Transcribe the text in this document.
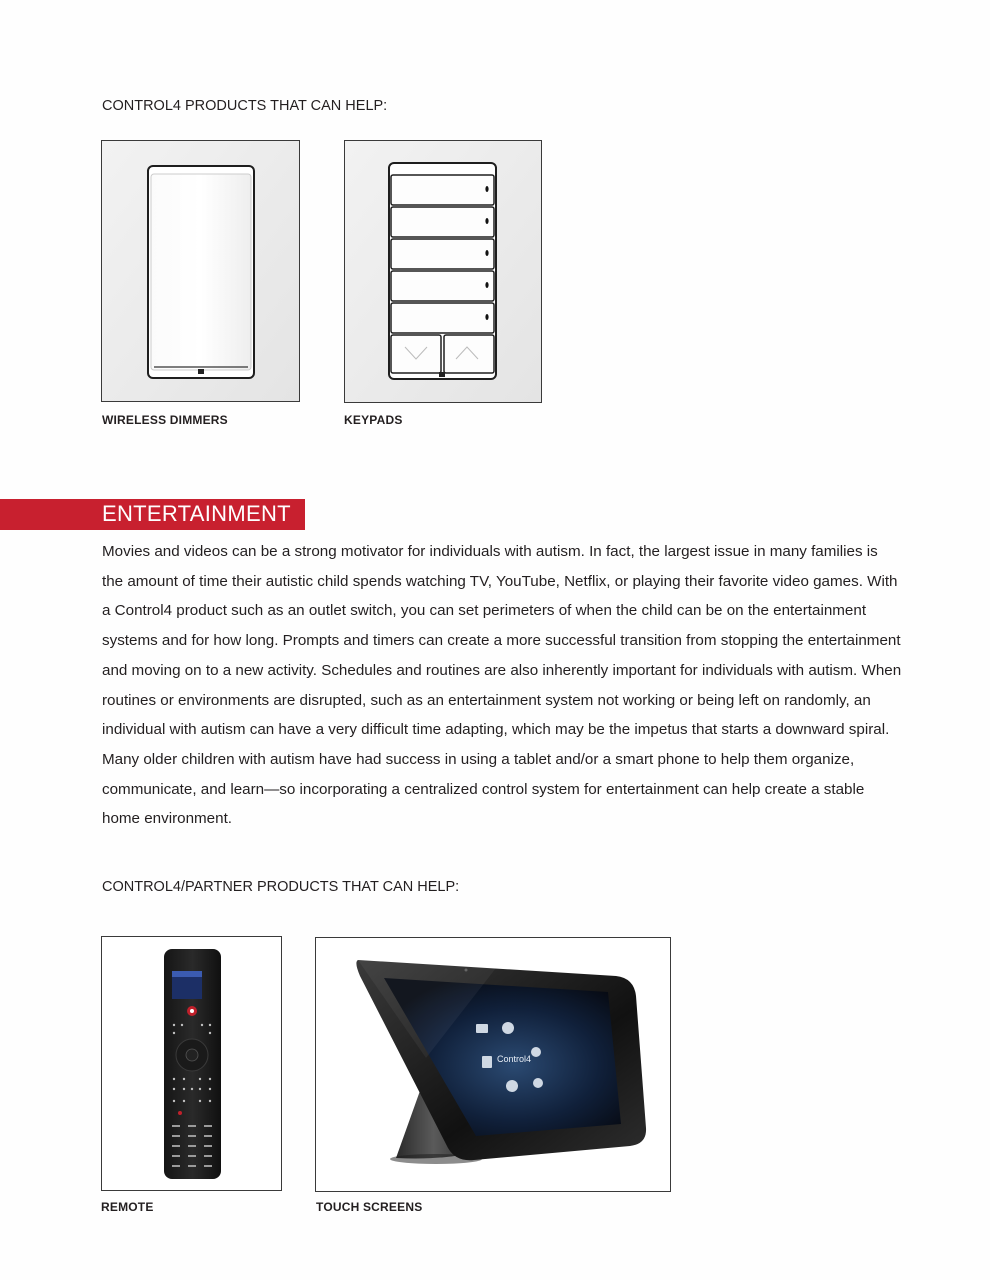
CONTROL4 PRODUCTS THAT CAN HELP:
WIRELESS DIMMERS	KEYPADS
ENTERTAINMENT

Movies and videos can be a strong motivator for individuals with autism. In fact, the largest issue in many families is the amount of time their autistic child spends watching TV, YouTube, Netflix, or playing their favorite video games. With a Control4 product such as an outlet switch, you can set perimeters of when the child can be on the entertainment systems and for how long. Prompts and timers can create a more successful transition from stopping the entertainment and moving on to a new activity. Schedules and routines are also inherently important for individuals with autism. When routines or environments are disrupted, such as an entertainment system not working or being left on randomly, an individual with autism can have a very difficult time adapting, which may be the impetus that starts a downward spiral.

Many older children with autism have had success in using a tablet and/or a smart phone to help them organize, communicate, and learn—so incorporating a centralized control system for entertainment can help create a stable home environment.

CONTROL4/PARTNER PRODUCTS THAT CAN HELP:
REMOTE
Control4
TOUCH SCREENS
